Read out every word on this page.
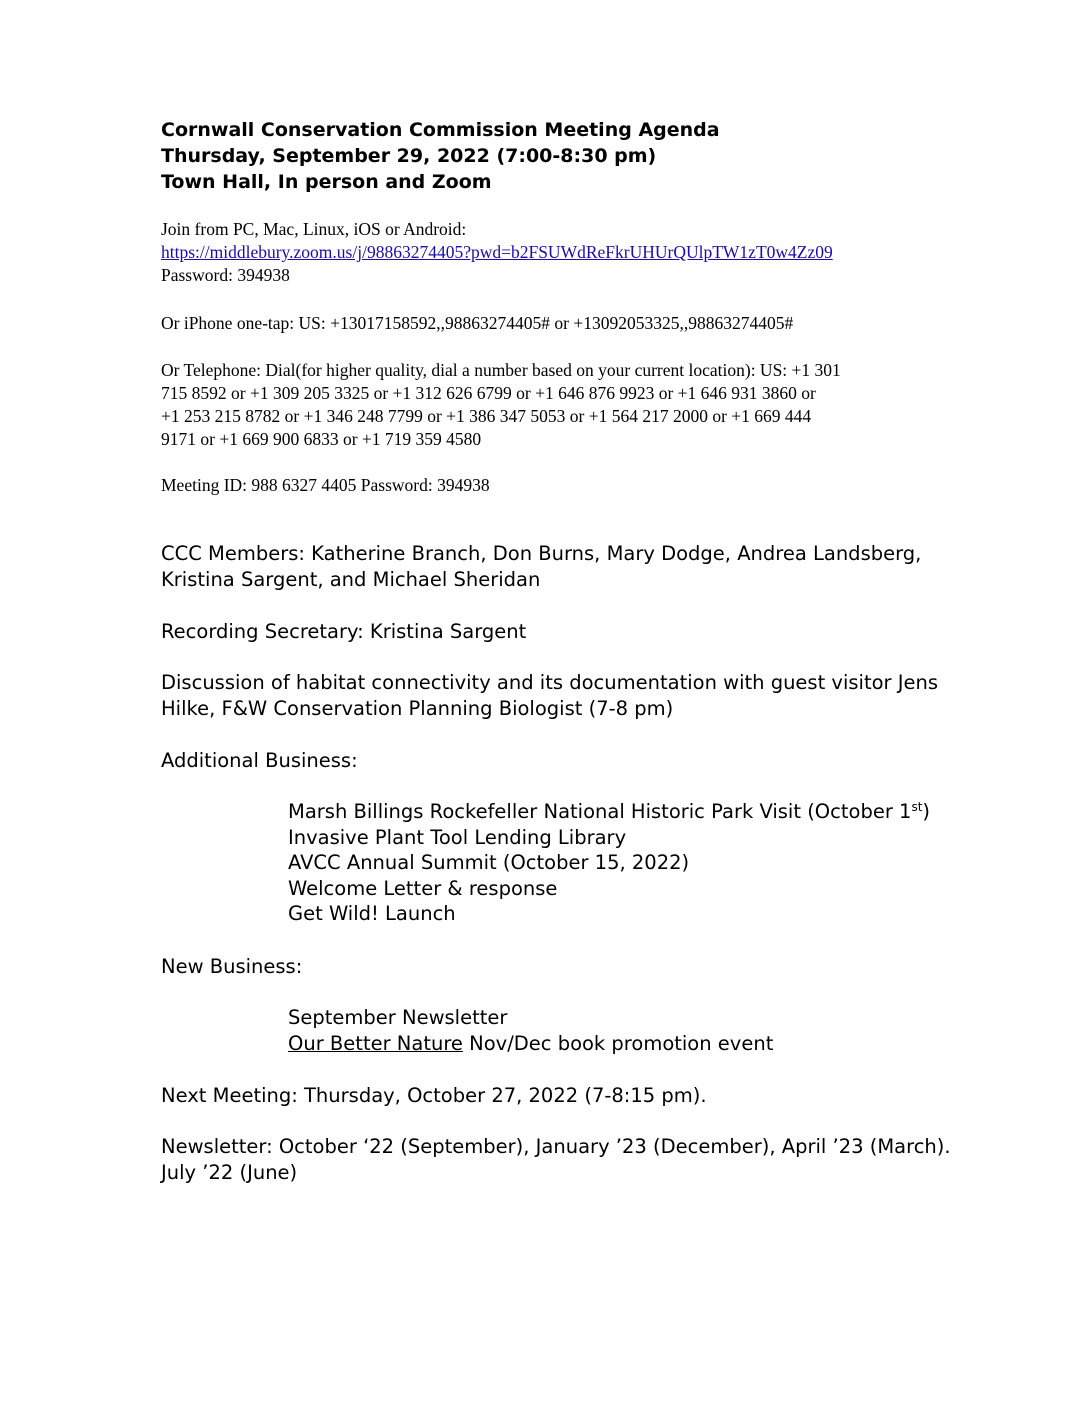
Cornwall Conservation Commission Meeting Agenda
Thursday, September 29, 2022 (7:00-8:30 pm)
Town Hall, In person and Zoom
Join from PC, Mac, Linux, iOS or Android:
https://middlebury.zoom.us/j/98863274405?pwd=b2FSUWdReFkrUHUrQUlpTW1zT0w4Zz09
Password: 394938
Or iPhone one-tap: US: +13017158592,,98863274405# or +13092053325,,98863274405#
Or Telephone: Dial(for higher quality, dial a number based on your current location): US: +1 301
715 8592 or +1 309 205 3325 or +1 312 626 6799 or +1 646 876 9923 or +1 646 931 3860 or
+1 253 215 8782 or +1 346 248 7799 or +1 386 347 5053 or +1 564 217 2000 or +1 669 444
9171 or +1 669 900 6833 or +1 719 359 4580
Meeting ID: 988 6327 4405 Password: 394938
CCC Members: Katherine Branch, Don Burns, Mary Dodge, Andrea Landsberg,
Kristina Sargent, and Michael Sheridan
Recording Secretary: Kristina Sargent
Discussion of habitat connectivity and its documentation with guest visitor Jens
Hilke, F&W Conservation Planning Biologist (7-8 pm)
Additional Business:
Marsh Billings Rockefeller National Historic Park Visit (October 1st)
Invasive Plant Tool Lending Library
AVCC Annual Summit (October 15, 2022)
Welcome Letter & response
Get Wild! Launch
New Business:
September Newsletter
Our Better Nature Nov/Dec book promotion event
Next Meeting: Thursday, October 27, 2022 (7-8:15 pm).
Newsletter: October ‘22 (September), January ’23 (December), April ’23 (March).
July ’22 (June)
